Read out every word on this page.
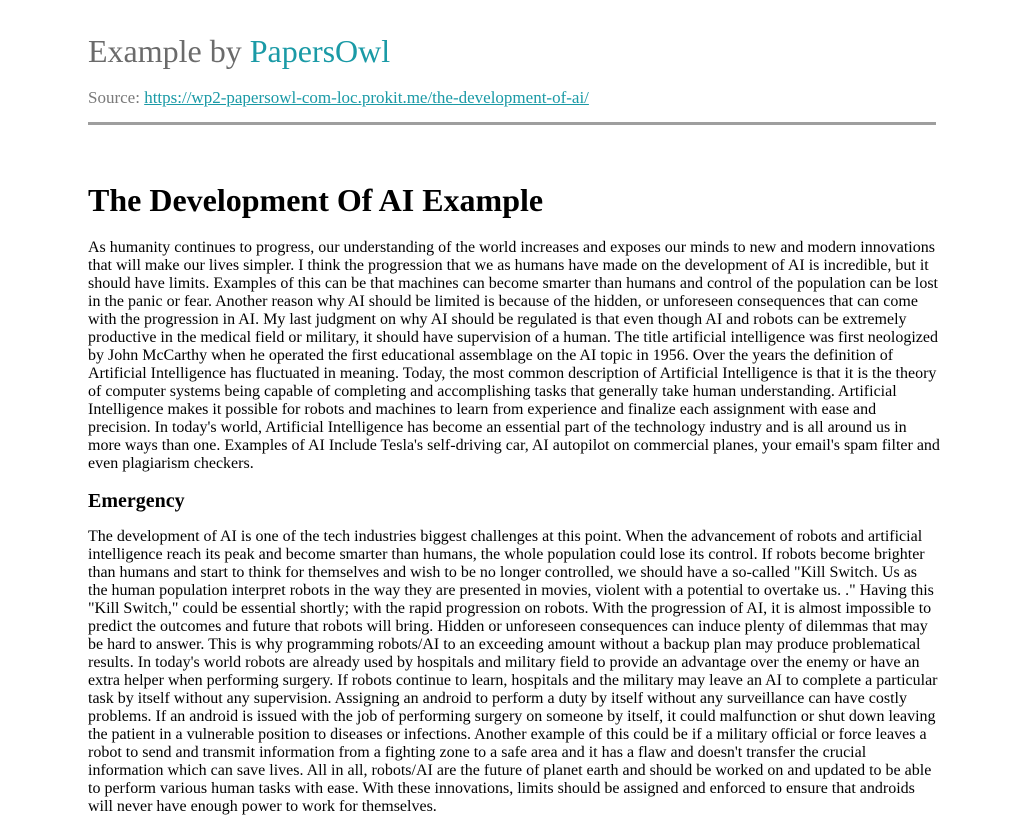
Example by PapersOwl
Source: https://wp2-papersowl-com-loc.prokit.me/the-development-of-ai/
The Development Of AI Example

As humanity continues to progress, our understanding of the world increases and exposes our minds to new and modern innovations that will make our lives simpler. I think the progression that we as humans have made on the development of AI is incredible, but it should have limits. Examples of this can be that machines can become smarter than humans and control of the population can be lost in the panic or fear. Another reason why AI should be limited is because of the hidden, or unforeseen consequences that can come with the progression in AI. My last judgment on why AI should be regulated is that even though AI and robots can be extremely productive in the medical field or military, it should have supervision of a human. The title artificial intelligence was first neologized by John McCarthy when he operated the first educational assemblage on the AI topic in 1956. Over the years the definition of Artificial Intelligence has fluctuated in meaning. Today, the most common description of Artificial Intelligence is that it is the theory of computer systems being capable of completing and accomplishing tasks that generally take human understanding. Artificial Intelligence makes it possible for robots and machines to learn from experience and finalize each assignment with ease and precision. In today's world, Artificial Intelligence has become an essential part of the technology industry and is all around us in more ways than one. Examples of AI Include Tesla's self-driving car, AI autopilot on commercial planes, your email's spam filter and even plagiarism checkers.

Emergency

The development of AI is one of the tech industries biggest challenges at this point. When the advancement of robots and artificial intelligence reach its peak and become smarter than humans, the whole population could lose its control. If robots become brighter than humans and start to think for themselves and wish to be no longer controlled, we should have a so-called "Kill Switch. Us as the human population interpret robots in the way they are presented in movies, violent with a potential to overtake us. ." Having this "Kill Switch," could be essential shortly; with the rapid progression on robots. With the progression of AI, it is almost impossible to predict the outcomes and future that robots will bring. Hidden or unforeseen consequences can induce plenty of dilemmas that may be hard to answer. This is why programming robots/AI to an exceeding amount without a backup plan may produce problematical results. In today's world robots are already used by hospitals and military field to provide an advantage over the enemy or have an extra helper when performing surgery. If robots continue to learn, hospitals and the military may leave an AI to complete a particular task by itself without any supervision. Assigning an android to perform a duty by itself without any surveillance can have costly problems. If an android is issued with the job of performing surgery on someone by itself, it could malfunction or shut down leaving the patient in a vulnerable position to diseases or infections. Another example of this could be if a military official or force leaves a robot to send and transmit information from a fighting zone to a safe area and it has a flaw and doesn't transfer the crucial information which can save lives. All in all, robots/AI are the future of planet earth and should be worked on and updated to be able to perform various human tasks with ease. With these innovations, limits should be assigned and enforced to ensure that androids will never have enough power to work for themselves.
